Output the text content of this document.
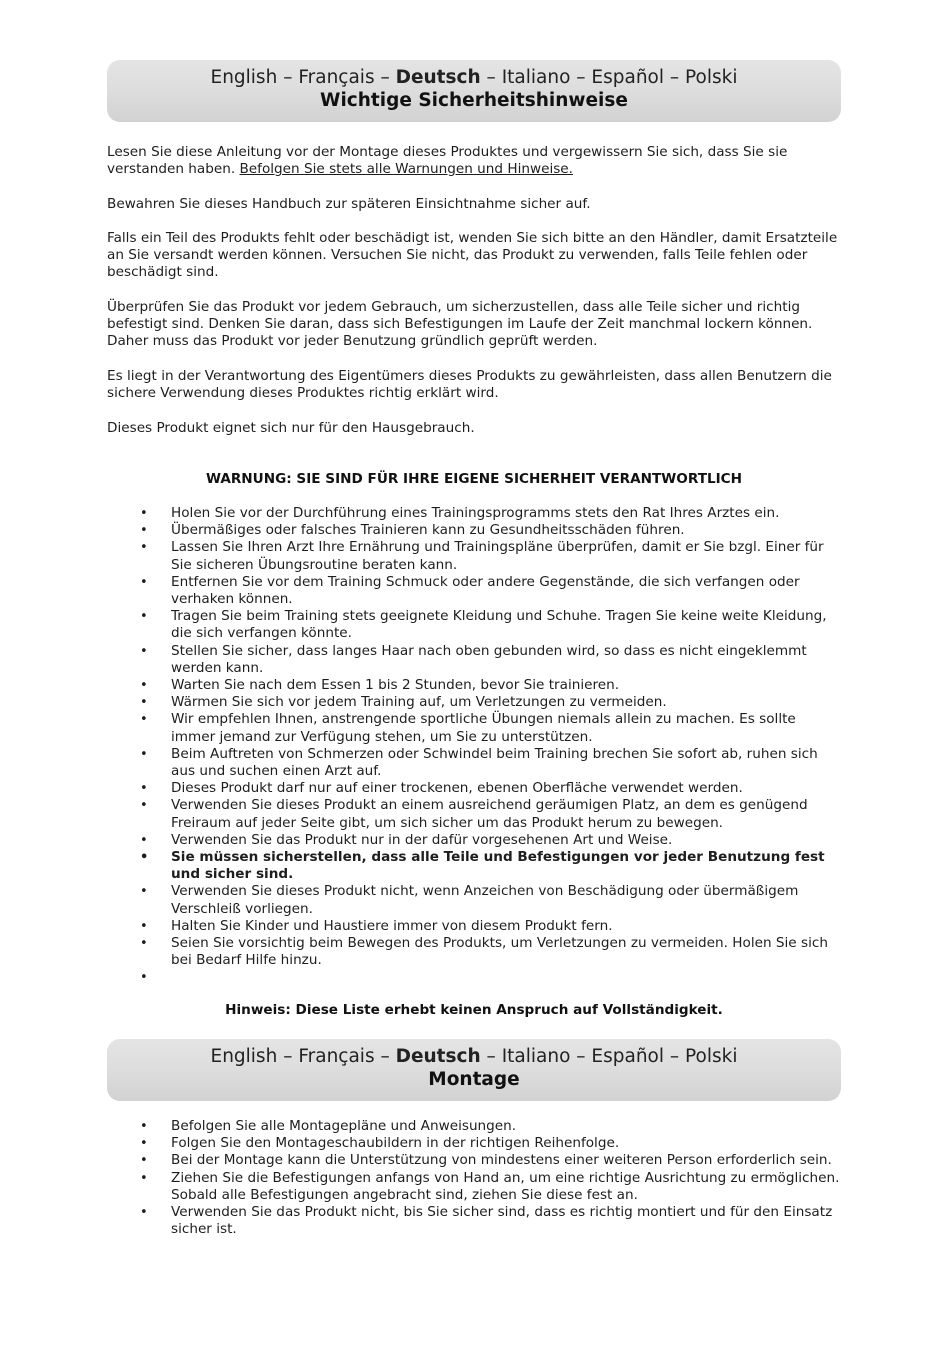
English – Français – Deutsch – Italiano – Español – Polski
Wichtige Sicherheitshinweise

Lesen Sie diese Anleitung vor der Montage dieses Produktes und vergewissern Sie sich, dass Sie sie verstanden haben. Befolgen Sie stets alle Warnungen und Hinweise.

Bewahren Sie dieses Handbuch zur späteren Einsichtnahme sicher auf.

Falls ein Teil des Produkts fehlt oder beschädigt ist, wenden Sie sich bitte an den Händler, damit Ersatzteile an Sie versandt werden können. Versuchen Sie nicht, das Produkt zu verwenden, falls Teile fehlen oder beschädigt sind.

Überprüfen Sie das Produkt vor jedem Gebrauch, um sicherzustellen, dass alle Teile sicher und richtig befestigt sind. Denken Sie daran, dass sich Befestigungen im Laufe der Zeit manchmal lockern können. Daher muss das Produkt vor jeder Benutzung gründlich geprüft werden.

Es liegt in der Verantwortung des Eigentümers dieses Produkts zu gewährleisten, dass allen Benutzern die sichere Verwendung dieses Produktes richtig erklärt wird.

Dieses Produkt eignet sich nur für den Hausgebrauch.

WARNUNG: SIE SIND FÜR IHRE EIGENE SICHERHEIT VERANTWORTLICH

• Holen Sie vor der Durchführung eines Trainingsprogramms stets den Rat Ihres Arztes ein.
• Übermäßiges oder falsches Trainieren kann zu Gesundheitsschäden führen.
• Lassen Sie Ihren Arzt Ihre Ernährung und Trainingspläne überprüfen, damit er Sie bzgl. Einer für Sie sicheren Übungsroutine beraten kann.
• Entfernen Sie vor dem Training Schmuck oder andere Gegenstände, die sich verfangen oder verhaken können.
• Tragen Sie beim Training stets geeignete Kleidung und Schuhe. Tragen Sie keine weite Kleidung, die sich verfangen könnte.
• Stellen Sie sicher, dass langes Haar nach oben gebunden wird, so dass es nicht eingeklemmt werden kann.
• Warten Sie nach dem Essen 1 bis 2 Stunden, bevor Sie trainieren.
• Wärmen Sie sich vor jedem Training auf, um Verletzungen zu vermeiden.
• Wir empfehlen Ihnen, anstrengende sportliche Übungen niemals allein zu machen. Es sollte immer jemand zur Verfügung stehen, um Sie zu unterstützen.
• Beim Auftreten von Schmerzen oder Schwindel beim Training brechen Sie sofort ab, ruhen sich aus und suchen einen Arzt auf.
• Dieses Produkt darf nur auf einer trockenen, ebenen Oberfläche verwendet werden.
• Verwenden Sie dieses Produkt an einem ausreichend geräumigen Platz, an dem es genügend Freiraum auf jeder Seite gibt, um sich sicher um das Produkt herum zu bewegen.
• Verwenden Sie das Produkt nur in der dafür vorgesehenen Art und Weise.
• Sie müssen sicherstellen, dass alle Teile und Befestigungen vor jeder Benutzung fest und sicher sind.
• Verwenden Sie dieses Produkt nicht, wenn Anzeichen von Beschädigung oder übermäßigem Verschleiß vorliegen.
• Halten Sie Kinder und Haustiere immer von diesem Produkt fern.
• Seien Sie vorsichtig beim Bewegen des Produkts, um Verletzungen zu vermeiden. Holen Sie sich bei Bedarf Hilfe hinzu.
•

Hinweis: Diese Liste erhebt keinen Anspruch auf Vollständigkeit.

English – Français – Deutsch – Italiano – Español – Polski
Montage
• Befolgen Sie alle Montagepläne und Anweisungen.
• Folgen Sie den Montageschaubildern in der richtigen Reihenfolge.
• Bei der Montage kann die Unterstützung von mindestens einer weiteren Person erforderlich sein.
• Ziehen Sie die Befestigungen anfangs von Hand an, um eine richtige Ausrichtung zu ermöglichen. Sobald alle Befestigungen angebracht sind, ziehen Sie diese fest an.
• Verwenden Sie das Produkt nicht, bis Sie sicher sind, dass es richtig montiert und für den Einsatz sicher ist.
